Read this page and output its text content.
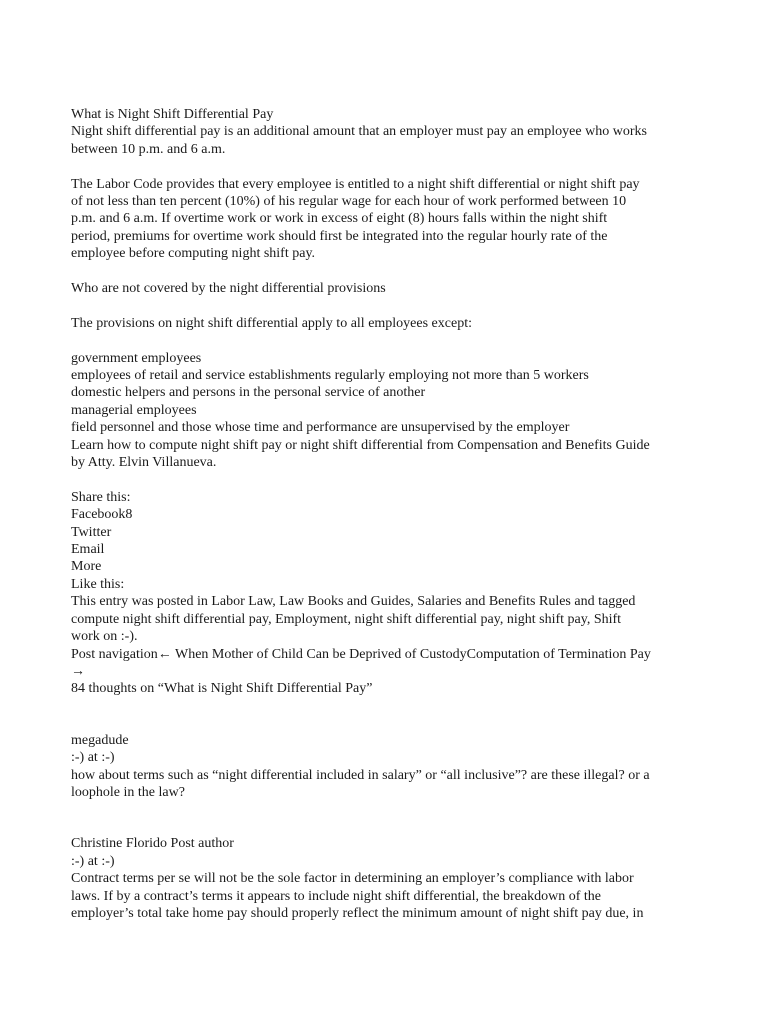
What is Night Shift Differential Pay
Night shift differential pay is an additional amount that an employer must pay an employee who works
between 10 p.m. and 6 a.m.
The Labor Code provides that every employee is entitled to a night shift differential or night shift pay
of not less than ten percent (10%) of his regular wage for each hour of work performed between 10
p.m. and 6 a.m. If overtime work or work in excess of eight (8) hours falls within the night shift
period, premiums for overtime work should first be integrated into the regular hourly rate of the
employee before computing night shift pay.
Who are not covered by the night differential provisions
The provisions on night shift differential apply to all employees except:
government employees
employees of retail and service establishments regularly employing not more than 5 workers
domestic helpers and persons in the personal service of another
managerial employees
field personnel and those whose time and performance are unsupervised by the employer
Learn how to compute night shift pay or night shift differential from Compensation and Benefits Guide
by Atty. Elvin Villanueva.
Share this:
Facebook8
Twitter
Email
More
Like this:
This entry was posted in Labor Law, Law Books and Guides, Salaries and Benefits Rules and tagged
compute night shift differential pay, Employment, night shift differential pay, night shift pay, Shift
work on :-).
Post navigation← When Mother of Child Can be Deprived of CustodyComputation of Termination Pay
→
84 thoughts on “What is Night Shift Differential Pay”
megadude
:-) at :-)
how about terms such as “night differential included in salary” or “all inclusive”? are these illegal? or a
loophole in the law?
Christine Florido Post author
:-) at :-)
Contract terms per se will not be the sole factor in determining an employer’s compliance with labor
laws. If by a contract’s terms it appears to include night shift differential, the breakdown of the
employer’s total take home pay should properly reflect the minimum amount of night shift pay due, in
